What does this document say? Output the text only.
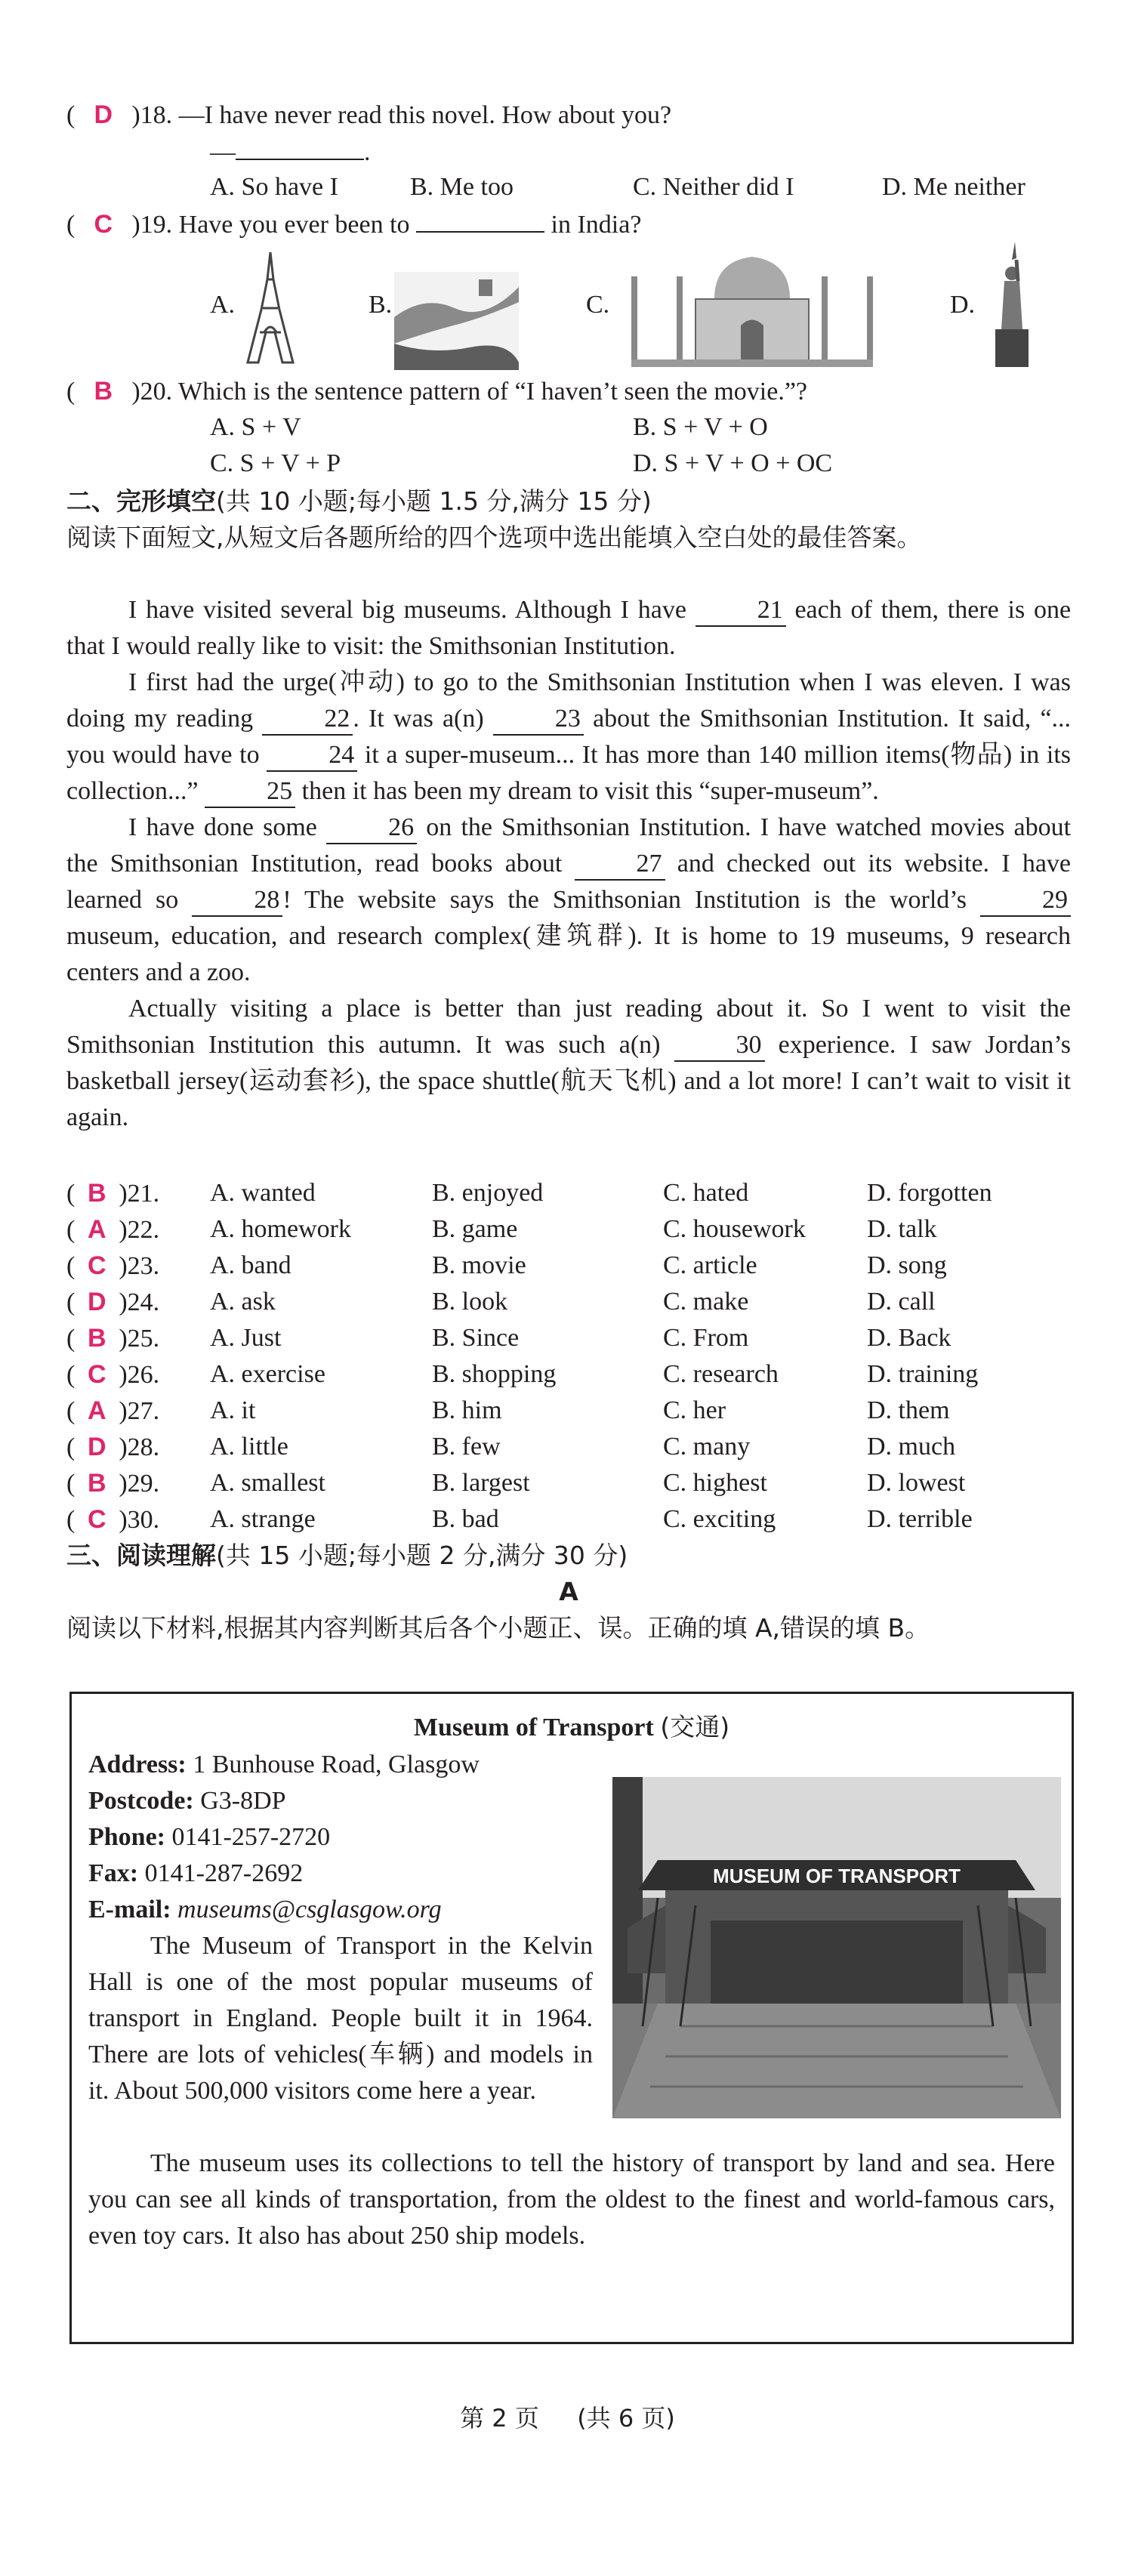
( D )18. —I have never read this novel. How about you?
—	.
A. So have I	B. Me too	C. Neither did I	D. Me neither
( C )19. Have you ever been to	in India?
A.	B.	C.	D.
( B )20. Which is the sentence pattern of “I haven’t seen the movie.”?
A. S + V	B. S + V + O
C. S + V + P	D. S + V + O + OC
二、完形填空(共 10 小题;每小题 1.5 分,满分 15 分)
阅读下面短文,从短文后各题所给的四个选项中选出能填入空白处的最佳答案。
I have visited several big museums. Although I have	21 each of them, there is one that I would really like to visit: the Smithsonian Institution.
I first had the urge(冲动) to go to the Smithsonian Institution when I was eleven. I was doing my reading	22 . It was a(n)	23 about the Smithsonian Institution. It said, “... you would have to	24 it a super-museum... It has more than 140 million items(物品) in its collection...”	25 then it has been my dream to visit this “super-museum”.
I have done some	26 on the Smithsonian Institution. I have watched movies about the Smithsonian Institution, read books about	27 and checked out its website. I have learned so	28 ! The website says the Smithsonian Institution is the world’s	29 museum, education, and research complex(建筑群). It is home to 19 museums, 9 research centers and a zoo.
Actually visiting a place is better than just reading about it. So I went to visit the Smithsonian Institution this autumn. It was such a(n)	30 experience. I saw Jordan’s basketball jersey(运动套衫), the space shuttle(航天飞机) and a lot more! I can’t wait to visit it again.
( B )21. A. wanted	B. enjoyed	C. hated	D. forgotten
( A )22. A. homework	B. game	C. housework D. talk
( C )23. A. band	B. movie	C. article	D. song
( D )24. A. ask	B. look	C. make	D. call
( B )25. A. Just	B. Since	C. From	D. Back
( C )26. A. exercise	B. shopping	C. research	D. training
( A )27. A. it	B. him	C. her	D. them
( D )28. A. little	B. few	C. many	D. much
( B )29. A. smallest	B. largest	C. highest	D. lowest
( C )30. A. strange	B. bad	C. exciting	D. terrible
三、阅读理解(共 15 小题;每小题 2 分,满分 30 分)
A
阅读以下材料,根据其内容判断其后各个小题正、误。正确的填 A,错误的填 B。
Museum of Transport (交通)
Address: 1 Bunhouse Road, Glasgow
Postcode: G3-8DP
Phone: 0141-257-2720
Fax: 0141-287-2692
E-mail: museums@csglasgow.org
The Museum of Transport in the Kelvin Hall is one of the most popular museums of transport in England. People built it in 1964. There are lots of vehicles(车辆) and models in it. About 500,000 visitors come here a year.
MUSEUM OF TRANSPORT
The museum uses its collections to tell the history of transport by land and sea. Here you can see all kinds of transportation, from the oldest to the finest and world-famous cars, even toy cars. It also has about 250 ship models.
第 2 页 (共 6 页)
